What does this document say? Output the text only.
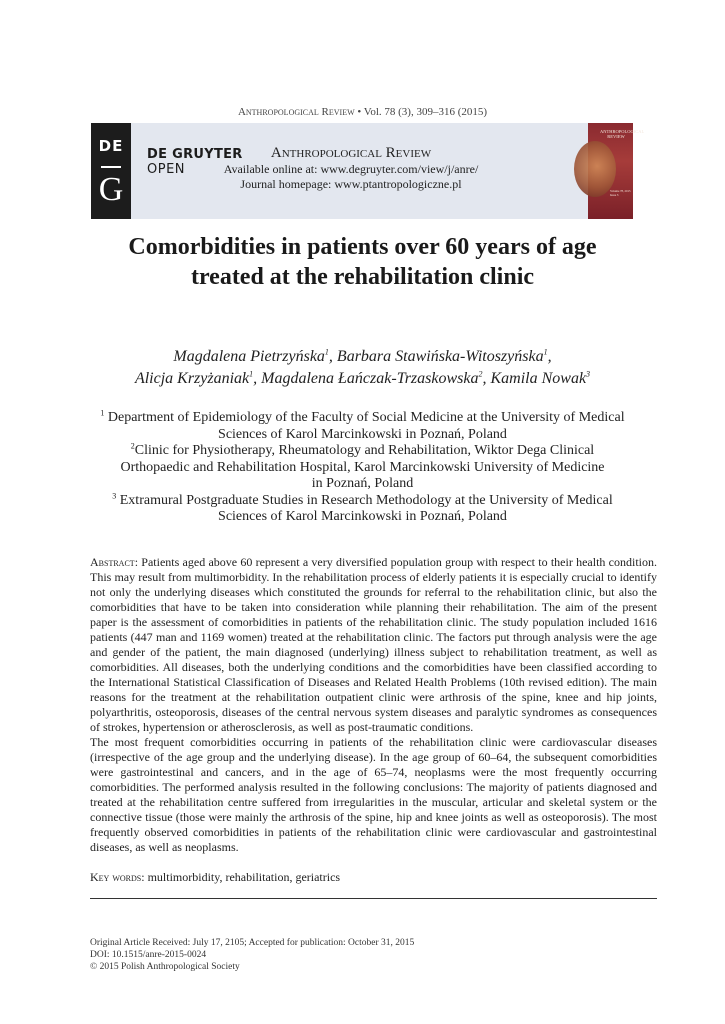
Anthropological Review • Vol. 78 (3), 309–316 (2015)
DE
G
DE GRUYTER
OPEN
Anthropological Review
Available online at: www.degruyter.com/view/j/anre/
Journal homepage: www.ptantropologiczne.pl
ANTHROPOLOGICAL REVIEW
Volume 78, 2015 Issue 3
Comorbidities in patients over 60 years of age
treated at the rehabilitation clinic
Magdalena Pietrzyńska$^1$, Barbara Stawińska-Witoszyńska$^1$,
Alicja Krzyżaniak$^1$, Magdalena Łańczak-Trzaskowska$^2$, Kamila Nowak$^3$
$^1$ Department of Epidemiology of the Faculty of Social Medicine at the University of Medical
Sciences of Karol Marcinkowski in Poznań, Poland
$^2$Clinic for Physiotherapy, Rheumatology and Rehabilitation, Wiktor Dega Clinical
Orthopaedic and Rehabilitation Hospital, Karol Marcinkowski University of Medicine
in Poznań, Poland
$^3$ Extramural Postgraduate Studies in Research Methodology at the University of Medical
Sciences of Karol Marcinkowski in Poznań, Poland

Abstract: Patients aged above 60 represent a very diversified population group with respect to their health condition. This may result from multimorbidity. In the rehabilitation process of elderly patients it is especially crucial to identify not only the underlying diseases which constituted the grounds for referral to the rehabilitation clinic, but also the comorbidities that have to be taken into consideration while planning their rehabilitation. The aim of the present paper is the assessment of comorbidities in patients of the rehabilitation clinic. The study population included 1616 patients (447 man and 1169 women) treated at the rehabilitation clinic. The factors put through analysis were the age and gender of the patient, the main diagnosed (underlying) illness subject to rehabilitation treatment, as well as comorbidities. All diseases, both the underlying conditions and the comorbidities have been classified according to the International Statistical Classification of Diseases and Related Health Problems (10th revised edition). The main reasons for the treatment at the rehabilitation outpatient clinic were arthrosis of the spine, knee and hip joints, polyarthritis, osteoporosis, diseases of the central nervous system diseases and paralytic syndromes as consequences of strokes, hypertension or atherosclerosis, as well as post-traumatic conditions.

The most frequent comorbidities occurring in patients of the rehabilitation clinic were cardiovascular diseases (irrespective of the age group and the underlying disease). In the age group of 60–64, the subsequent comorbidities were gastrointestinal and cancers, and in the age of 65–74, neoplasms were the most frequently occurring comorbidities. The performed analysis resulted in the following conclusions: The majority of patients diagnosed and treated at the rehabilitation centre suffered from irregularities in the muscular, articular and skeletal system or the connective tissue (those were mainly the arthrosis of the spine, hip and knee joints as well as osteoporosis). The most frequently observed comorbidities in patients of the rehabilitation clinic were cardiovascular and gastrointestinal diseases, as well as neoplasms.

Key words: multimorbidity, rehabilitation, geriatrics
Original Article Received: July 17, 2105; Accepted for publication: October 31, 2015
DOI: 10.1515/anre-2015-0024
© 2015 Polish Anthropological Society
